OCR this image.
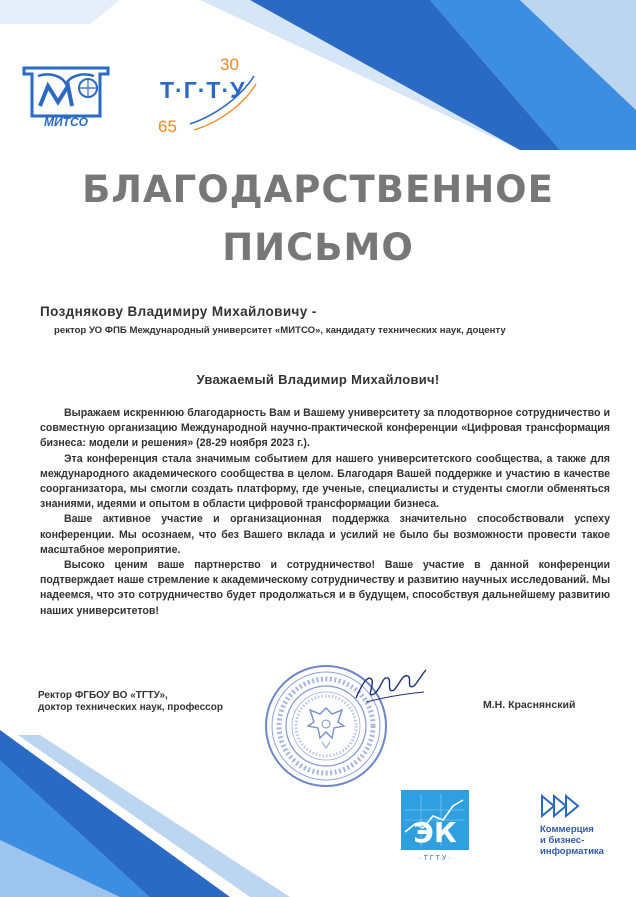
МИТСО
30
Т·Г·Т·У
65
БЛАГОДАРСТВЕННОЕ
ПИСЬМО
Позднякову Владимиру Михайловичу -
ректор УО ФПБ Международный университет «МИТСО», кандидату технических наук, доценту
Уважаемый Владимир Михайлович!

Выражаем искреннюю благодарность Вам и Вашему университету за плодотворное сотрудничество и совместную организацию Международной научно-практической конференции «Цифровая трансформация бизнеса: модели и решения» (28-29 ноября 2023 г.).

Эта конференция стала значимым событием для нашего университетского сообщества, а также для международного академического сообщества в целом. Благодаря Вашей поддержке и участию в качестве соорганизатора, мы смогли создать платформу, где ученые, специалисты и студенты смогли обменяться знаниями, идеями и опытом в области цифровой трансформации бизнеса.

Ваше активное участие и организационная поддержка значительно способствовали успеху конференции. Мы осознаем, что без Вашего вклада и усилий не было бы возможности провести такое масштабное мероприятие.

Высоко ценим ваше партнерство и сотрудничество! Ваше участие в данной конференции подтверждает наше стремление к академическому сотрудничеству и развитию научных исследований. Мы надеемся, что это сотрудничество будет продолжаться и в будущем, способствуя дальнейшему развитию наших университетов!

Ректор ФГБОУ ВО «ТГТУ»,
доктор технических наук, профессор	М.Н. Краснянский
ЭК
· Т Г Т У ·
Коммерция
и бизнес-
информатика
